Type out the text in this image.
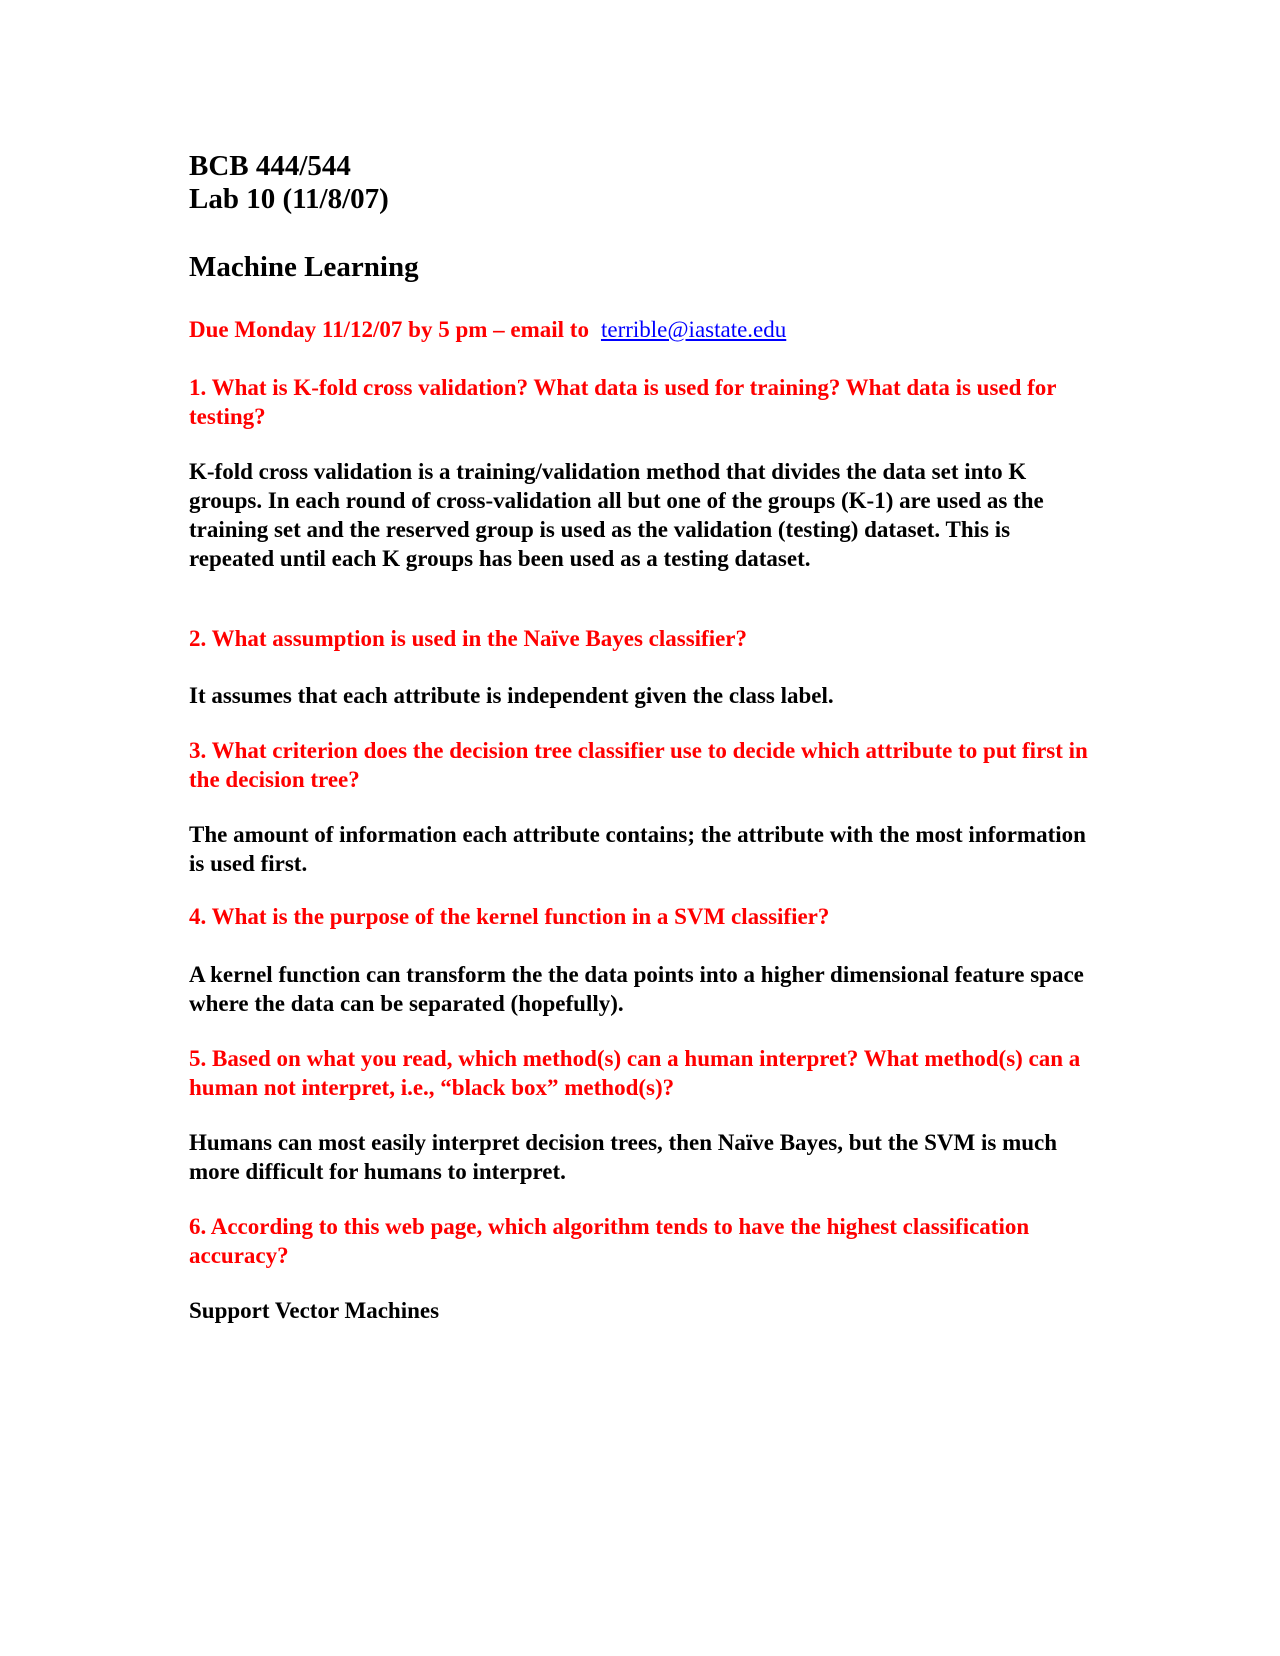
BCB 444/544

Lab 10 (11/8/07)

Machine Learning

Due Monday 11/12/07 by 5 pm – email to terrible@iastate.edu

1. What is K-fold cross validation? What data is used for training? What data is used for testing?

K-fold cross validation is a training/validation method that divides the data set into K groups. In each round of cross-validation all but one of the groups (K-1) are used as the training set and the reserved group is used as the validation (testing) dataset. This is repeated until each K groups has been used as a testing dataset.

2. What assumption is used in the Naïve Bayes classifier?

It assumes that each attribute is independent given the class label.

3. What criterion does the decision tree classifier use to decide which attribute to put first in the decision tree?

The amount of information each attribute contains; the attribute with the most information is used first.

4. What is the purpose of the kernel function in a SVM classifier?

A kernel function can transform the the data points into a higher dimensional feature space where the data can be separated (hopefully).

5. Based on what you read, which method(s) can a human interpret? What method(s) can a human not interpret, i.e., “black box” method(s)?

Humans can most easily interpret decision trees, then Naïve Bayes, but the SVM is much more difficult for humans to interpret.

6. According to this web page, which algorithm tends to have the highest classification accuracy?

Support Vector Machines
